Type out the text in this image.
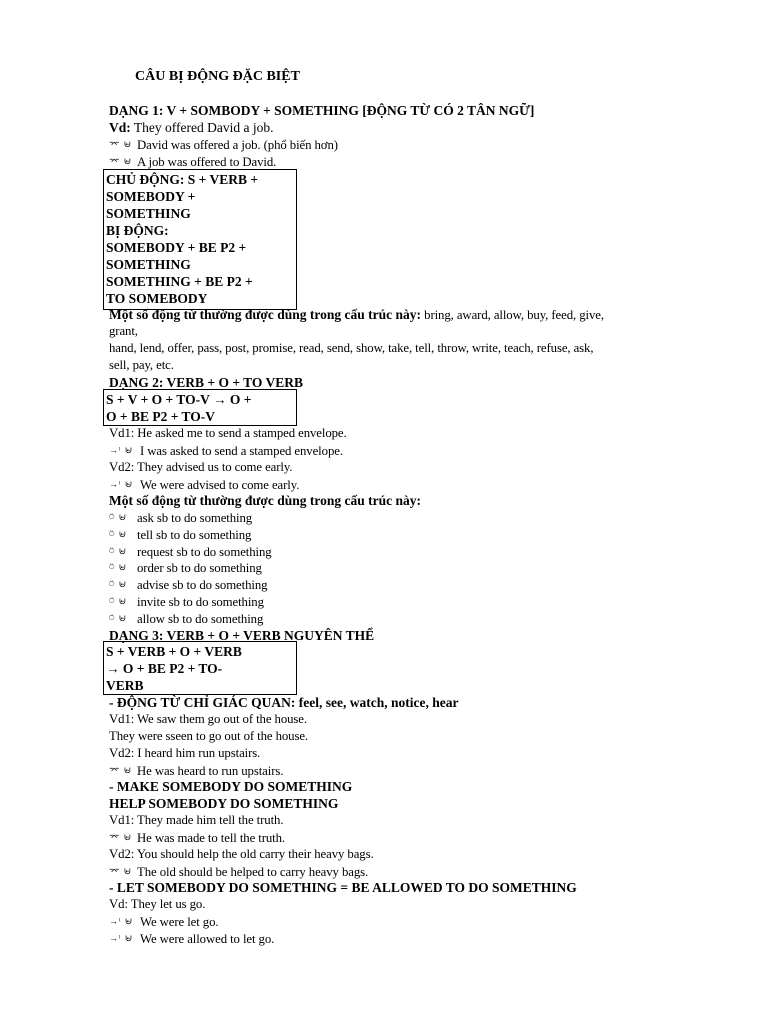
CÂU BỊ ĐỘNG ĐẶC BIỆT
DẠNG 1: V + SOMBODY + SOMETHING [ĐỘNG TỪ CÓ 2 TÂN NGỮ]
Vd: They offered David a job.
⌤ ⊌ David was offered a job. (phổ biến hơn)
⌤ ⊌ A job was offered to David.
CHỦ ĐỘNG: S + VERB +
SOMEBODY +
SOMETHING
BỊ ĐỘNG:
SOMEBODY + BE P2 +
SOMETHING
SOMETHING + BE P2 +
TO SOMEBODY
Một số động từ thường được dùng trong cấu trúc này: bring, award, allow, buy, feed, give,
grant,
hand, lend, offer, pass, post, promise, read, send, show, take, tell, throw, write, teach, refuse, ask,
sell, pay, etc.
DẠNG 2: VERB + O + TO VERB
S + V + O + TO-V → O +
O + BE P2 + TO-V
Vd1: He asked me to send a stamped envelope.
→ˡ ⊌ I was asked to send a stamped envelope.
Vd2: They advised us to come early.
→ˡ ⊌ We were advised to come early.
Một số động từ thường được dùng trong cấu trúc này:
⍥ ⊌ ask sb to do something
⍥ ⊌ tell sb to do something
⍥ ⊌ request sb to do something
⍥ ⊌ order sb to do something
⍥ ⊌ advise sb to do something
⍥ ⊌ invite sb to do something
⍥ ⊌ allow sb to do something
DẠNG 3: VERB + O + VERB NGUYÊN THỂ
S + VERB + O + VERB
→ O + BE P2 + TO-
VERB
- ĐỘNG TỪ CHỈ GIÁC QUAN: feel, see, watch, notice, hear
Vd1: We saw them go out of the house.
They were sseen to go out of the house.
Vd2: I heard him run upstairs.
⌤ ⊌ He was heard to run upstairs.
- MAKE SOMEBODY DO SOMETHING
HELP SOMEBODY DO SOMETHING
Vd1: They made him tell the truth.
⌤ ⊌ He was made to tell the truth.
Vd2: You should help the old carry their heavy bags.
⌤ ⊌ The old should be helped to carry heavy bags.
- LET SOMEBODY DO SOMETHING = BE ALLOWED TO DO SOMETHING
Vd: They let us go.
→ˡ ⊌ We were let go.
→ˡ ⊌ We were allowed to let go.
